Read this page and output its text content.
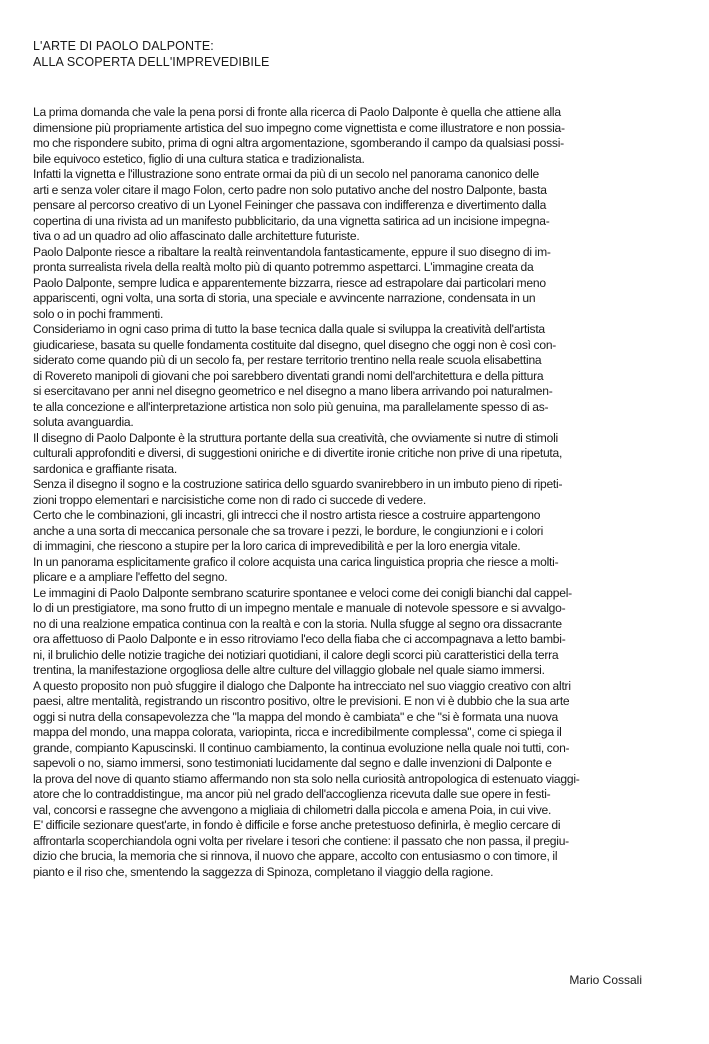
L'ARTE DI PAOLO DALPONTE:
ALLA SCOPERTA DELL'IMPREVEDIBILE
La prima domanda che vale la pena porsi di fronte alla ricerca di Paolo Dalponte è quella che attiene alla
dimensione più propriamente artistica del suo impegno come vignettista e come illustratore e non possia-
mo che rispondere subito, prima di ogni altra argomentazione, sgomberando il campo da qualsiasi possi-
bile equivoco estetico, figlio di una cultura statica e tradizionalista.
Infatti la vignetta e l'illustrazione sono entrate ormai da più di un secolo nel panorama canonico delle
arti e senza voler citare il mago Folon, certo padre non solo putativo anche del nostro Dalponte, basta
pensare al percorso creativo di un Lyonel Feininger che passava con indifferenza e divertimento dalla
copertina di una rivista ad un manifesto pubblicitario, da una vignetta satirica ad un incisione impegna-
tiva o ad un quadro ad olio affascinato dalle architetture futuriste.
Paolo Dalponte riesce a ribaltare la realtà reinventandola fantasticamente, eppure il suo disegno di im-
pronta surrealista rivela della realtà molto più di quanto potremmo aspettarci. L'immagine creata da
Paolo Dalponte, sempre ludica e apparentemente bizzarra, riesce ad estrapolare dai particolari meno
appariscenti, ogni volta, una sorta di storia, una speciale e avvincente narrazione, condensata in un
solo o in pochi frammenti.
Consideriamo in ogni caso prima di tutto la base tecnica dalla quale si sviluppa la creatività dell'artista
giudicariese, basata su quelle fondamenta costituite dal disegno, quel disegno che oggi non è così con-
siderato come quando più di un secolo fa, per restare territorio trentino nella reale scuola elisabettina
di Rovereto manipoli di giovani che poi sarebbero diventati grandi nomi dell'architettura e della pittura
si esercitavano per anni nel disegno geometrico e nel disegno a mano libera arrivando poi naturalmen-
te alla concezione e all'interpretazione artistica non solo più genuina, ma parallelamente spesso di as-
soluta avanguardia.
Il disegno di Paolo Dalponte è la struttura portante della sua creatività, che ovviamente si nutre di stimoli
culturali approfonditi e diversi, di suggestioni oniriche e di divertite ironie critiche non prive di una ripetuta,
sardonica e graffiante risata.
Senza il disegno il sogno e la costruzione satirica dello sguardo svanirebbero in un imbuto pieno di ripeti-
zioni troppo elementari e narcisistiche come non di rado ci succede di vedere.
Certo che le combinazioni, gli incastri, gli intrecci che il nostro artista riesce a costruire appartengono
anche a una sorta di meccanica personale che sa trovare i pezzi, le bordure, le congiunzioni e i colori
di immagini, che riescono a stupire per la loro carica di imprevedibilità e per la loro energia vitale.
In un panorama esplicitamente grafico il colore acquista una carica linguistica propria che riesce a molti-
plicare e a ampliare l'effetto del segno.
Le immagini di Paolo Dalponte sembrano scaturire spontanee e veloci come dei conigli bianchi dal cappel-
lo di un prestigiatore, ma sono frutto di un impegno mentale e manuale di notevole spessore e si avvalgo-
no di una realzione empatica continua con la realtà e con la storia. Nulla sfugge al segno ora dissacrante
ora affettuoso di Paolo Dalponte e in esso ritroviamo l'eco della fiaba che ci accompagnava a letto bambi-
ni, il brulichio delle notizie tragiche dei notiziari quotidiani, il calore degli scorci più caratteristici della terra
trentina, la manifestazione orgogliosa delle altre culture del villaggio globale nel quale siamo immersi.
A questo proposito non può sfuggire il dialogo che Dalponte ha intrecciato nel suo viaggio creativo con altri
paesi, altre mentalità, registrando un riscontro positivo, oltre le previsioni. E non vi è dubbio che la sua arte
oggi si nutra della consapevolezza che "la mappa del mondo è cambiata" e che "si è formata una nuova
mappa del mondo, una mappa colorata, variopinta, ricca e incredibilmente complessa", come ci spiega il
grande, compianto Kapuscinski. Il continuo cambiamento, la continua evoluzione nella quale noi tutti, con-
sapevoli o no, siamo immersi, sono testimoniati lucidamente dal segno e dalle invenzioni di Dalponte e
la prova del nove di quanto stiamo affermando non sta solo nella curiosità antropologica di estenuato viaggi-
atore che lo contraddistingue, ma ancor più nel grado dell'accoglienza ricevuta dalle sue opere in festi-
val, concorsi e rassegne che avvengono a migliaia di chilometri dalla piccola e amena Poia, in cui vive.
E' difficile sezionare quest'arte, in fondo è difficile e forse anche pretestuoso definirla, è meglio cercare di
affrontarla scoperchiandola ogni volta per rivelare i tesori che contiene: il passato che non passa, il pregiu-
dizio che brucia, la memoria che si rinnova, il nuovo che appare, accolto con entusiasmo o con timore, il
pianto e il riso che, smentendo la saggezza di Spinoza, completano il viaggio della ragione.
Mario Cossali
